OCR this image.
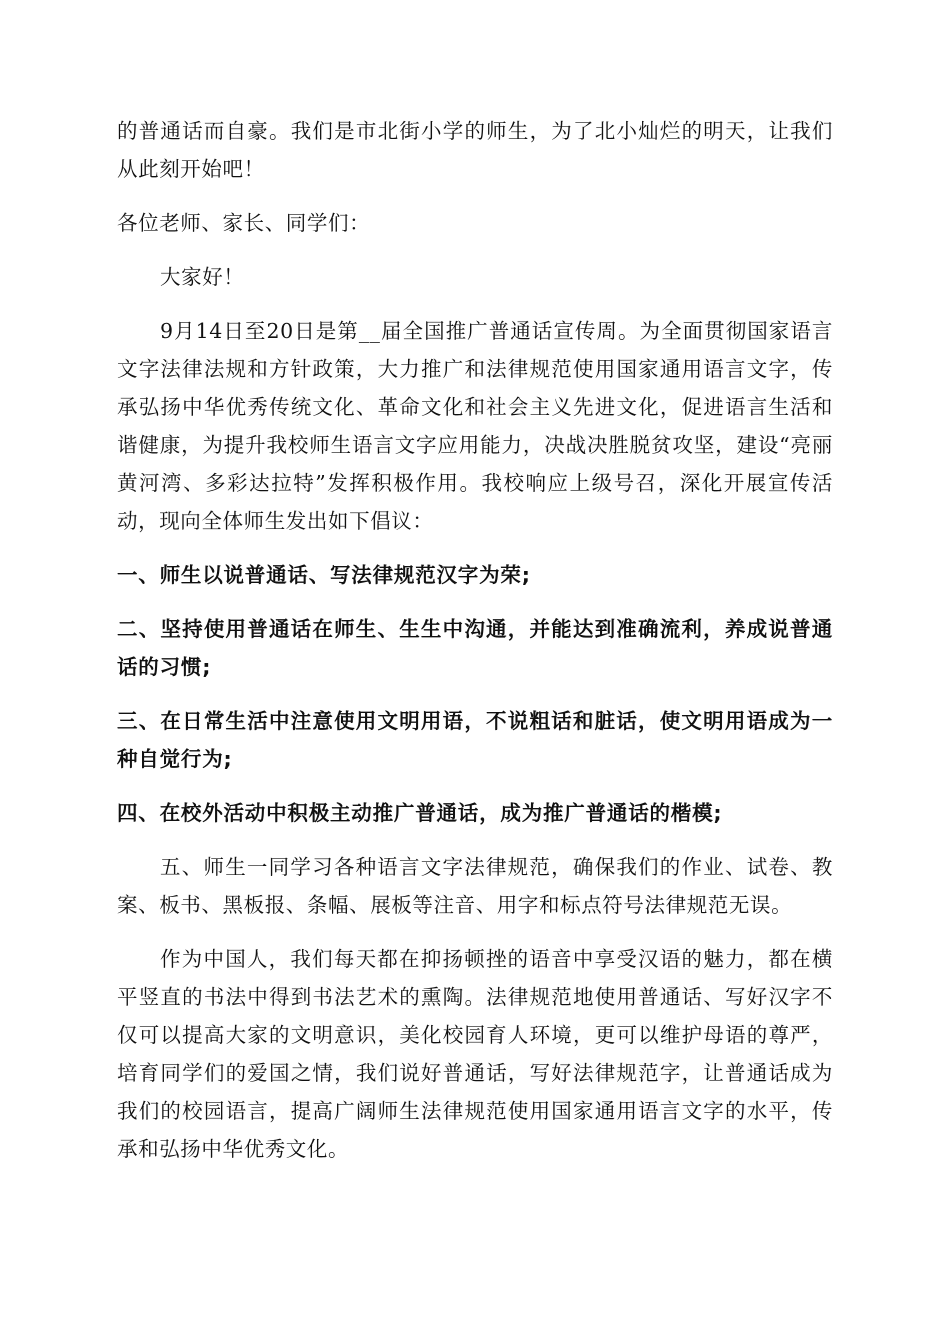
的普通话而自豪。我们是市北街小学的师生，为了北小灿烂的明天，让我们从此刻开始吧！

各位老师、家长、同学们：

大家好！

9月14日至20日是第__届全国推广普通话宣传周。为全面贯彻国家语言文字法律法规和方针政策，大力推广和法律规范使用国家通用语言文字，传承弘扬中华优秀传统文化、革命文化和社会主义先进文化，促进语言生活和谐健康，为提升我校师生语言文字应用能力，决战决胜脱贫攻坚，建设“亮丽黄河湾、多彩达拉特”发挥积极作用。我校响应上级号召，深化开展宣传活动，现向全体师生发出如下倡议：

一、师生以说普通话、写法律规范汉字为荣;

二、坚持使用普通话在师生、生生中沟通，并能达到准确流利，养成说普通话的习惯;

三、在日常生活中注意使用文明用语，不说粗话和脏话，使文明用语成为一种自觉行为;

四、在校外活动中积极主动推广普通话，成为推广普通话的楷模;

五、师生一同学习各种语言文字法律规范，确保我们的作业、试卷、教案、板书、黑板报、条幅、展板等注音、用字和标点符号法律规范无误。

作为中国人，我们每天都在抑扬顿挫的语音中享受汉语的魅力，都在横平竖直的书法中得到书法艺术的熏陶。法律规范地使用普通话、写好汉字不仅可以提高大家的文明意识，美化校园育人环境，更可以维护母语的尊严，培育同学们的爱国之情，我们说好普通话，写好法律规范字，让普通话成为我们的校园语言，提高广阔师生法律规范使用国家通用语言文字的水平，传承和弘扬中华优秀文化。
